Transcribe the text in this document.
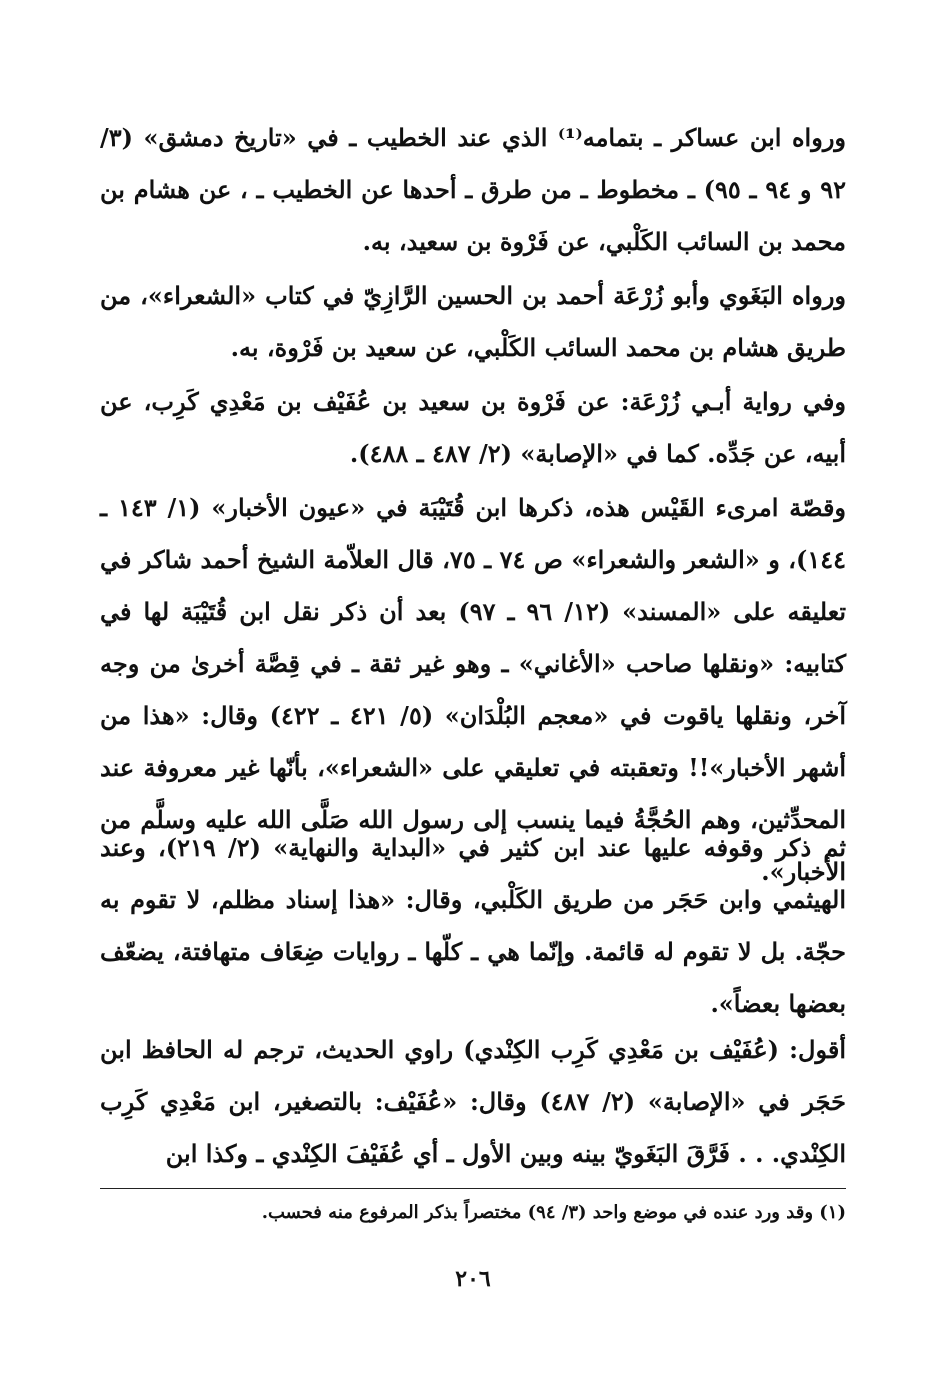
ورواه ابن عساكر ـ بتمامه⁽¹⁾ الذي عند الخطيب ـ في «تاريخ دمشق» (٣/ ٩٢ و ٩٤ ـ ٩٥) ـ مخطوط ـ من طرق ـ أحدها عن الخطيب ـ ، عن هشام بن محمد بن السائب الكَلْبي، عن فَرْوة بن سعيد، به.
ورواه البَغَوي وأبو زُرْعَة أحمد بن الحسين الرَّازِيّ في كتاب «الشعراء»، من طريق هشام بن محمد السائب الكَلْبي، عن سعيد بن فَرْوة، به.
وفي رواية أبـي زُرْعَة: عن فَرْوة بن سعيد بن عُفَيْف بن مَعْدِي كَرِب، عن أبيه، عن جَدِّه. كما في «الإصابة» (٢/ ٤٨٧ ـ ٤٨٨).
وقصّة امرىء القَيْس هذه، ذكرها ابن قُتَيْبَة في «عيون الأخبار» (١/ ١٤٣ ـ ١٤٤)، و «الشعر والشعراء» ص ٧٤ ـ ٧٥، قال العلاّمة الشيخ أحمد شاكر في تعليقه على «المسند» (١٢/ ٩٦ ـ ٩٧) بعد أن ذكر نقل ابن قُتَيْبَة لها في كتابيه: «ونقلها صاحب «الأغاني» ـ وهو غير ثقة ـ في قِصَّة أخرىٰ من وجه آخر، ونقلها ياقوت في «معجم البُلْدَان» (٥/ ٤٢١ ـ ٤٢٢) وقال: «هذا من أشهر الأخبار»!! وتعقبته في تعليقي على «الشعراء»، بأنّها غير معروفة عند المحدِّثين، وهم الحُجَّةُ فيما ينسب إلى رسول الله صَلَّى الله عليه وسلَّم من الأخبار».
ثم ذكر وقوفه عليها عند ابن كثير في «البداية والنهاية» (٢/ ٢١٩)، وعند الهيثمي وابن حَجَر من طريق الكَلْبي، وقال: «هذا إسناد مظلم، لا تقوم به حجّة. بل لا تقوم له قائمة. وإنّما هي ـ كلّها ـ روايات ضِعَاف متهافتة، يضعّف بعضها بعضاً».
أقول: (عُفَيْف بن مَعْدِي كَرِب الكِنْدي) راوي الحديث، ترجم له الحافظ ابن حَجَر في «الإصابة» (٢/ ٤٨٧) وقال: «عُفَيْف: بالتصغير، ابن مَعْدِي كَرِب الكِنْدي. . . فَرَّقَ البَغَويّ بينه وبين الأول ـ أي عُفَيْفَ الكِنْدي ـ وكذا ابن
(١) وقد ورد عنده في موضع واحد (٣/ ٩٤) مختصراً بذكر المرفوع منه فحسب.
٢٠٦
